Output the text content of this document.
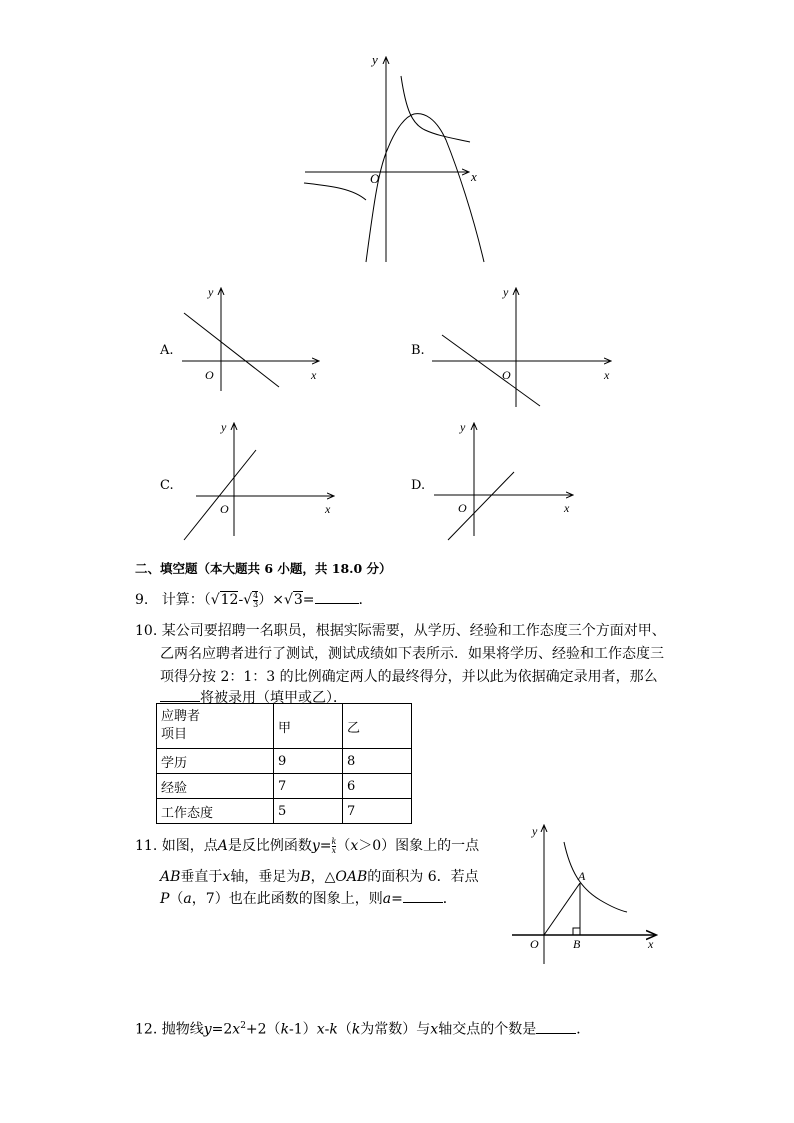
y
x
O
A.
y
x
O
B.
y
x
O
C.
y
x
O
D.
y
x
O
二、填空题（本大题共 6 小题，共 18.0 分）
9. 计算：$(√12-√ \frac{4}{3} )\times√3=$	.
10. 某公司要招聘一名职员，根据实际需要，从学历、经验和工作态度三个方面对甲、
乙两名应聘者进行了测试，测试成绩如下表所示．如果将学历、经验和工作态度三
项得分按 2：1：3 的比例确定两人的最终得分，并以此为依据确定录用者，那么
将被录用（填甲或乙）．
应聘者
项目	甲	乙
学历	9	8
经验	7	6
工作态度	5	7
11. 如图，点A是反比例函数$y= \frac{k}{x} (x>0)$图象上的一点
AB垂直于x轴，垂足为B，△OAB的面积为 6．若点
P（a，7）也在此函数的图象上，则a=	．
y
x
O
A
B
12. 抛物线$y=2x^2+2(k-1)x-k(k$为常数）与x轴交点的个数是	．
